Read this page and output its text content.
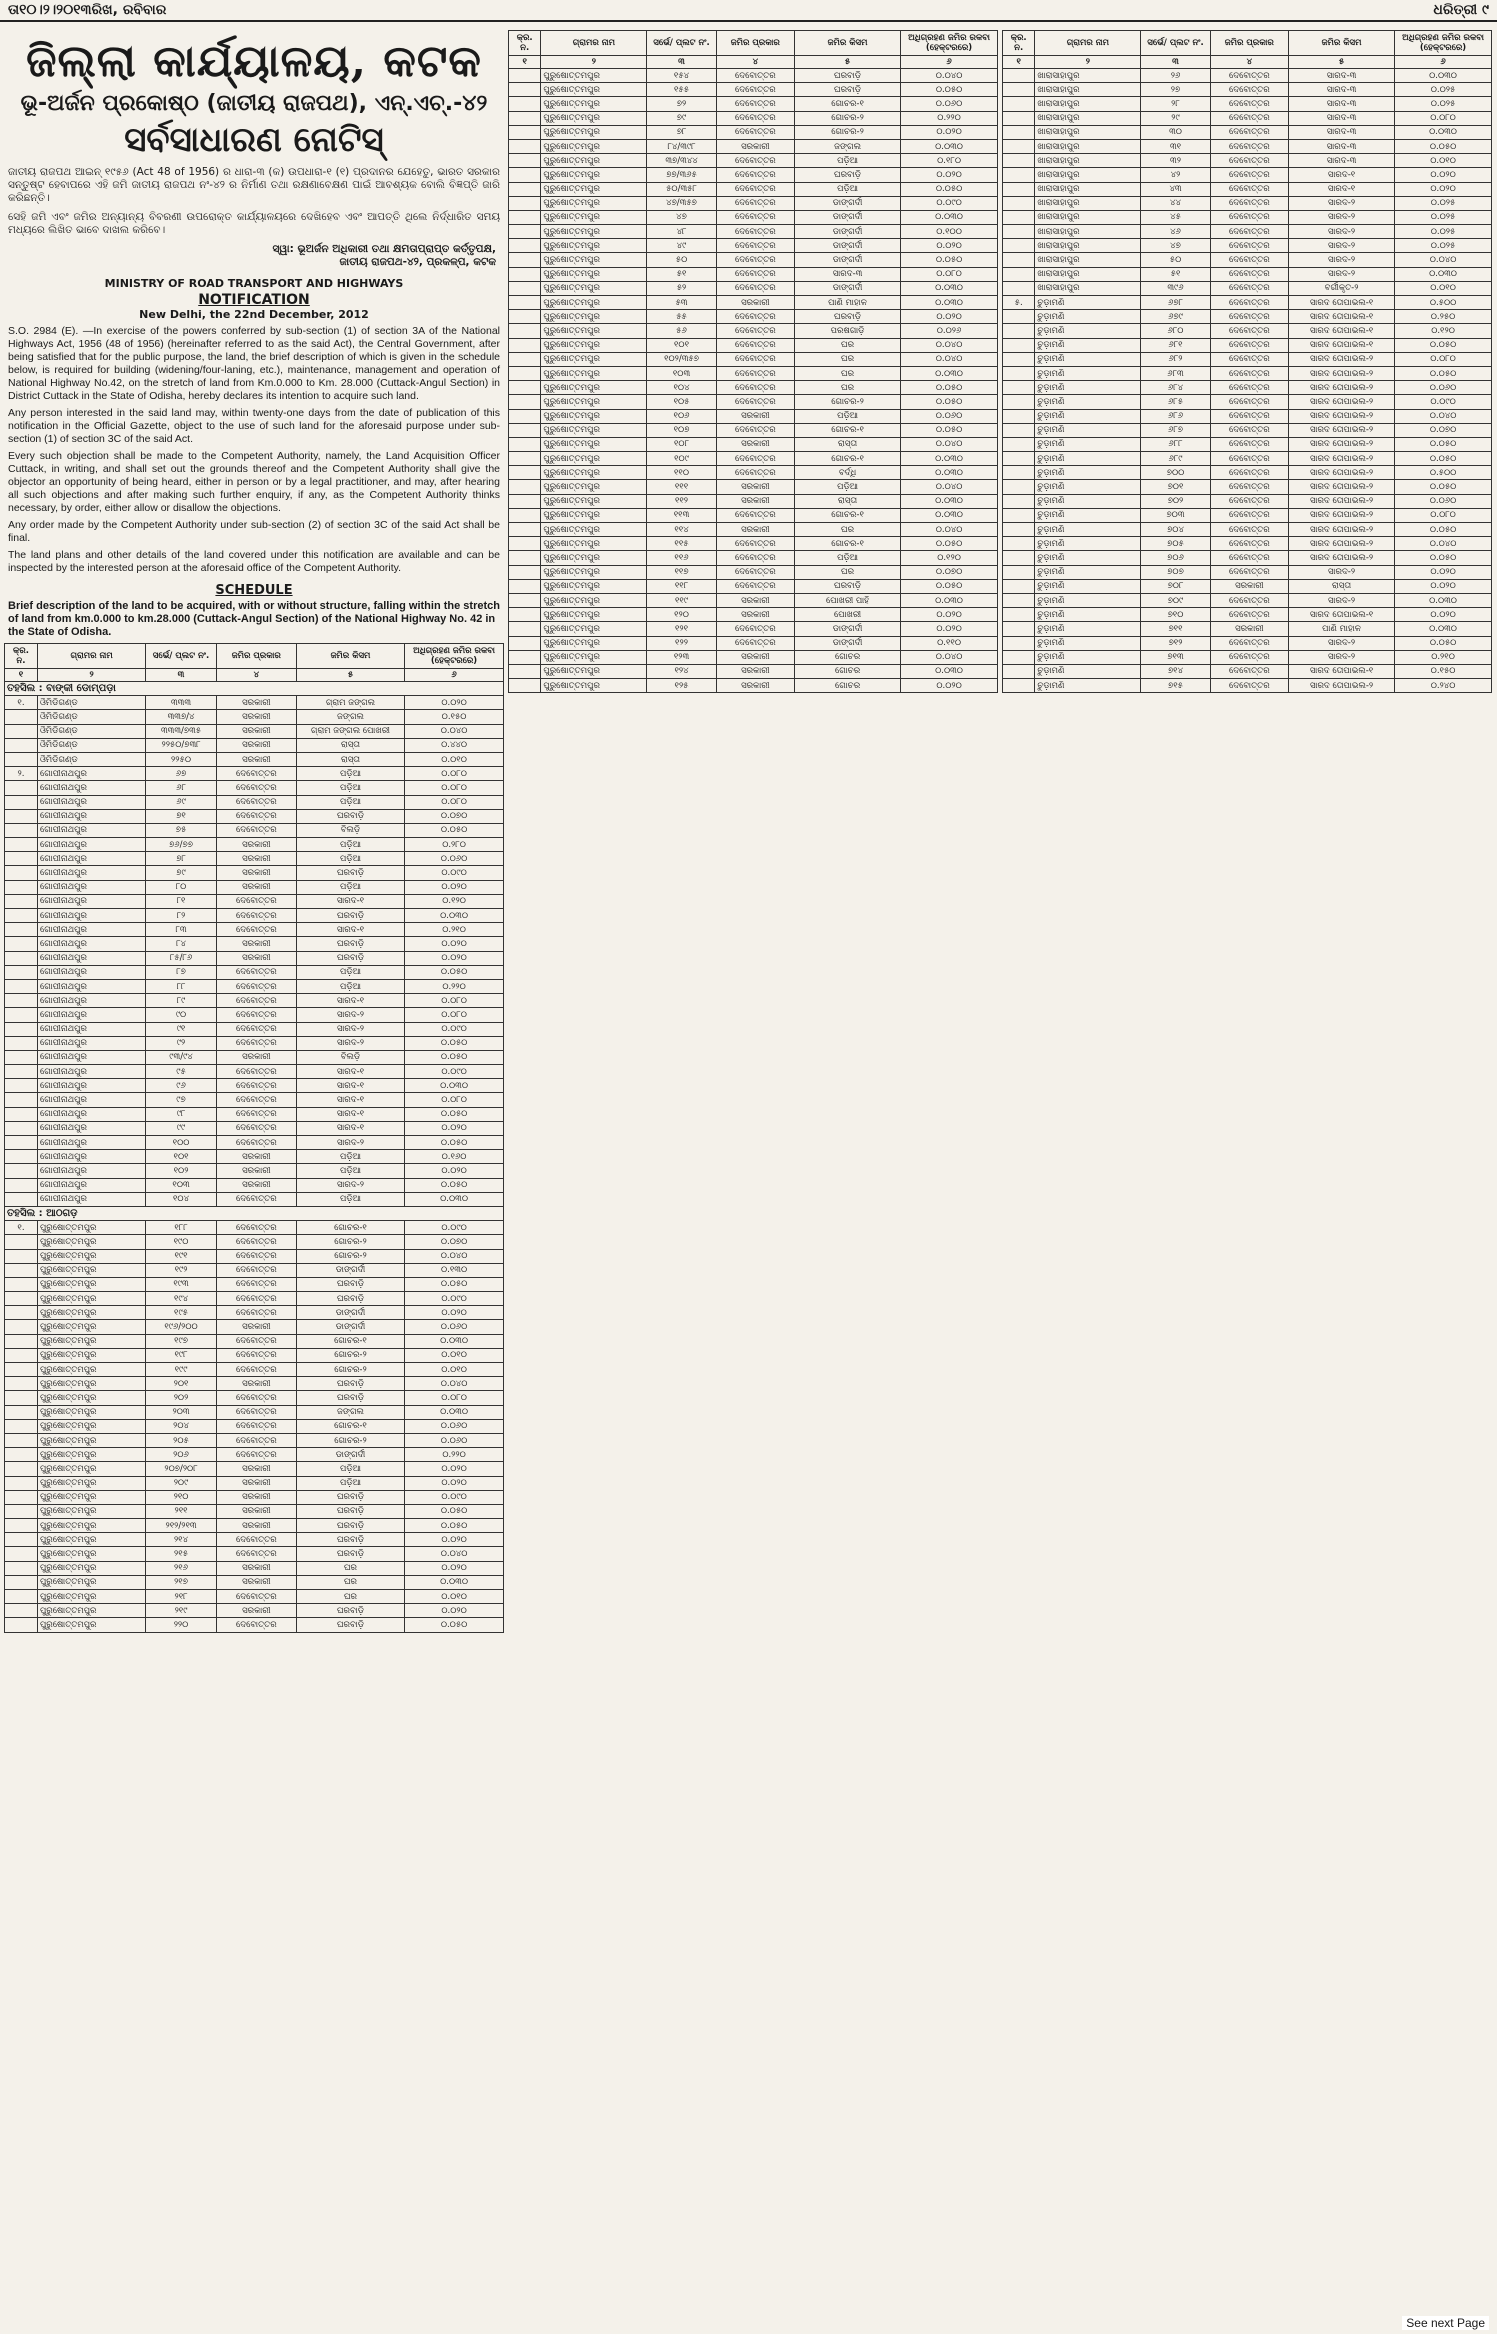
ତା୧୦।୨।୨୦୧୩ରିଖ, ରବିବାର	ଧରିତ୍ରୀ ୯
ଜିଲ୍ଲା କାର୍ଯ୍ୟାଳୟ, କଟକ
ଭୂ-ଅର୍ଜନ ପ୍ରକୋଷ୍ଠ (ଜାତୀୟ ରାଜପଥ), ଏନ୍.ଏଚ୍.-୪୨
ସର୍ବସାଧାରଣ ନୋଟିସ୍
ଜାତୀୟ ରାଜପଥ ଆଇନ୍ ୧୯୫୬ (Act 48 of 1956) ର ଧାରା-୩ (କ) ଉପଧାରା-୧ (୧) ପ୍ରଦାନର ଯେହେତୁ, ଭାରତ ସରକାର ସନ୍ତୁଷ୍ଟ ହେବାପରେ ଏହି ଜମି ଜାତୀୟ ରାଜପଥ ନଂ-୪୨ ର ନିର୍ମାଣ ତଥା ରକ୍ଷଣାବେକ୍ଷଣ ପାଇଁ ଆବଶ୍ୟକ ବୋଲି ବିଜ୍ଞପ୍ତି ଜାରି କରିଛନ୍ତି।
ସେହି ଜମି ଏବଂ ଜମିର ଅନ୍ୟାନ୍ୟ ବିବରଣୀ ଉପରୋକ୍ତ କାର୍ଯ୍ୟାଳୟରେ ଦେଖିହେବ ଏବଂ ଆପତ୍ତି ଥିଲେ ନିର୍ଦ୍ଧାରିତ ସମୟ ମଧ୍ୟରେ ଲିଖିତ ଭାବେ ଦାଖଲ କରିବେ।
ସ୍ୱା: ଭୂଅର୍ଜନ ଅଧିକାରୀ ତଥା କ୍ଷମତାପ୍ରାପ୍ତ କର୍ତ୍ତୃପକ୍ଷ,
ଜାତୀୟ ରାଜପଥ-୪୨, ପ୍ରକଳ୍ପ, କଟକ
MINISTRY OF ROAD TRANSPORT AND HIGHWAYS
NOTIFICATION
New Delhi, the 22nd December, 2012
S.O. 2984 (E). —In exercise of the powers conferred by sub-section (1) of section 3A of the National Highways Act, 1956 (48 of 1956) (hereinafter referred to as the said Act), the Central Government, after being satisfied that for the public purpose, the land, the brief description of which is given in the schedule below, is required for building (widening/four-laning, etc.), maintenance, management and operation of National Highway No.42, on the stretch of land from Km.0.000 to Km. 28.000 (Cuttack-Angul Section) in District Cuttack in the State of Odisha, hereby declares its intention to acquire such land.
Any person interested in the said land may, within twenty-one days from the date of publication of this notification in the Official Gazette, object to the use of such land for the aforesaid purpose under sub-section (1) of section 3C of the said Act.
Every such objection shall be made to the Competent Authority, namely, the Land Acquisition Officer Cuttack, in writing, and shall set out the grounds thereof and the Competent Authority shall give the objector an opportunity of being heard, either in person or by a legal practitioner, and may, after hearing all such objections and after making such further enquiry, if any, as the Competent Authority thinks necessary, by order, either allow or disallow the objections.
Any order made by the Competent Authority under sub-section (2) of section 3C of the said Act shall be final.
The land plans and other details of the land covered under this notification are available and can be inspected by the interested person at the aforesaid office of the Competent Authority.
SCHEDULE
Brief description of the land to be acquired, with or without structure, falling within the stretch of land from km.0.000 to km.28.000 (Cuttack-Angul Section) of the National Highway No. 42 in the State of Odisha.
କ୍ର. ନ.	ଗ୍ରାମର ନାମ	ସର୍ଭେ/ ପ୍ଲଟ ନଂ.	ଜମିର ପ୍ରକାର	ଜମିର କିସମ	ଅଧିଗ୍ରହଣ ଜମିର ରକବା (ହେକ୍ଟରରେ)
୧	୨	୩	୪	୫	୬
ତହସିଲ : ବାଙ୍କୀ ଡୋମ୍ପଡ଼ା					
୧.	ଓିମିଡିଗଣ୍ଡ	୩୩୩	ସରକାରୀ	ଗ୍ରାମ ଜଙ୍ଗଲ	୦.୦୨୦
	ଓିମିଡିଗଣ୍ଡ	୩୩୭/୪	ସରକାରୀ	ଜଙ୍ଗଲ	୦.୧୫୦
	ଓିମିଡିଗଣ୍ଡ	୩୩୩/୭୩୫	ସରକାରୀ	ଗ୍ରାମ ଜଙ୍ଗଲ ପୋଖରୀ	୦.୦୪୦
	ଓିମିଡିଗଣ୍ଡ	୨୨୫୦/୭୩୮	ସରକାରୀ	ରାସ୍ତା	୦.୪୪୦
	ଓିମିଡିଗଣ୍ଡ	୨୨୫୦	ସରକାରୀ	ରାସ୍ତା	୦.୦୧୦
୨.	ଗୋପୀନାଥପୁର	୬୭	ଦେବୋତ୍ତର	ପଡ଼ିଆ	୦.୦୮୦
	ଗୋପୀନାଥପୁର	୬୮	ଦେବୋତ୍ତର	ପଡ଼ିଆ	୦.୦୮୦
	ଗୋପୀନାଥପୁର	୬୯	ଦେବୋତ୍ତର	ପଡ଼ିଆ	୦.୦୮୦
	ଗୋପୀନାଥପୁର	୭୧	ଦେବୋତ୍ତର	ଘରବାଡ଼ି	୦.୦୭୦
	ଗୋପୀନାଥପୁର	୭୫	ଦେବୋତ୍ତର	ବିଲଡ଼ି	୦.୦୫୦
	ଗୋପୀନାଥପୁର	୭୬/୭୭	ସରକାରୀ	ପଡ଼ିଆ	୦.୨୮୦
	ଗୋପୀନାଥପୁର	୭୮	ସରକାରୀ	ପଡ଼ିଆ	୦.୦୬୦
	ଗୋପୀନାଥପୁର	୭୯	ସରକାରୀ	ଘରବାଡ଼ି	୦.୦୯୦
	ଗୋପୀନାଥପୁର	୮୦	ସରକାରୀ	ପଡ଼ିଆ	୦.୦୨୦
	ଗୋପୀନାଥପୁର	୮୧	ଦେବୋତ୍ତର	ସାରଦ-୧	୦.୧୨୦
	ଗୋପୀନାଥପୁର	୮୨	ଦେବୋତ୍ତର	ଘରବାଡ଼ି	୦.୦୩୦
	ଗୋପୀନାଥପୁର	୮୩	ଦେବୋତ୍ତର	ସାରଦ-୧	୦.୨୧୦
	ଗୋପୀନାଥପୁର	୮୪	ସରକାରୀ	ଘରବାଡ଼ି	୦.୦୨୦
	ଗୋପୀନାଥପୁର	୮୫/୮୬	ସରକାରୀ	ଘରବାଡ଼ି	୦.୦୨୦
	ଗୋପୀନାଥପୁର	୮୭	ଦେବୋତ୍ତର	ପଡ଼ିଆ	୦.୦୫୦
	ଗୋପୀନାଥପୁର	୮୮	ଦେବୋତ୍ତର	ପଡ଼ିଆ	୦.୨୨୦
	ଗୋପୀନାଥପୁର	୮୯	ଦେବୋତ୍ତର	ସାରଦ-୧	୦.୦୮୦
	ଗୋପୀନାଥପୁର	୯୦	ଦେବୋତ୍ତର	ସାରଦ-୨	୦.୦୮୦
	ଗୋପୀନାଥପୁର	୯୧	ଦେବୋତ୍ତର	ସାରଦ-୨	୦.୦୯୦
	ଗୋପୀନାଥପୁର	୯୨	ଦେବୋତ୍ତର	ସାରଦ-୨	୦.୦୫୦
	ଗୋପୀନାଥପୁର	୯୩/୯୪	ସରକାରୀ	ବିଲଡ଼ି	୦.୦୫୦
	ଗୋପୀନାଥପୁର	୯୫	ଦେବୋତ୍ତର	ସାରଦ-୧	୦.୦୯୦
	ଗୋପୀନାଥପୁର	୯୬	ଦେବୋତ୍ତର	ସାରଦ-୧	୦.୦୩୦
	ଗୋପୀନାଥପୁର	୯୭	ଦେବୋତ୍ତର	ସାରଦ-୧	୦.୦୮୦
	ଗୋପୀନାଥପୁର	୯୮	ଦେବୋତ୍ତର	ସାରଦ-୧	୦.୦୫୦
	ଗୋପୀନାଥପୁର	୯୯	ଦେବୋତ୍ତର	ସାରଦ-୧	୦.୦୨୦
	ଗୋପୀନାଥପୁର	୧୦୦	ଦେବୋତ୍ତର	ସାରଦ-୨	୦.୦୫୦
	ଗୋପୀନାଥପୁର	୧୦୧	ସରକାରୀ	ପଡ଼ିଆ	୦.୧୬୦
	ଗୋପୀନାଥପୁର	୧୦୨	ସରକାରୀ	ପଡ଼ିଆ	୦.୦୨୦
	ଗୋପୀନାଥପୁର	୧୦୩	ସରକାରୀ	ସାରଦ-୨	୦.୦୫୦
	ଗୋପୀନାଥପୁର	୧୦୪	ଦେବୋତ୍ତର	ପଡ଼ିଆ	୦.୦୩୦
ତହସିଲ : ଆଠଗଡ଼					
୧.	ପୁରୁଷୋତ୍ତମପୁର	୧୮୮	ଦେବୋତ୍ତର	ଗୋଚର-୧	୦.୦୯୦
	ପୁରୁଷୋତ୍ତମପୁର	୧୯୦	ଦେବୋତ୍ତର	ଗୋଚର-୨	୦.୦୭୦
	ପୁରୁଷୋତ୍ତମପୁର	୧୯୧	ଦେବୋତ୍ତର	ଗୋଚର-୨	୦.୦୪୦
	ପୁରୁଷୋତ୍ତମପୁର	୧୯୨	ଦେବୋତ୍ତର	ଡାଙ୍ଗର୍ଦୀ	୦.୧୩୦
	ପୁରୁଷୋତ୍ତମପୁର	୧୯୩	ଦେବୋତ୍ତର	ଘରବାଡ଼ି	୦.୦୫୦
	ପୁରୁଷୋତ୍ତମପୁର	୧୯୪	ଦେବୋତ୍ତର	ଘରବାଡ଼ି	୦.୦୯୦
	ପୁରୁଷୋତ୍ତମପୁର	୧୯୫	ଦେବୋତ୍ତର	ଡାଙ୍ଗର୍ଦୀ	୦.୦୨୦
	ପୁରୁଷୋତ୍ତମପୁର	୧୯୬/୨୦୦	ସରକାରୀ	ଡାଙ୍ଗର୍ଦୀ	୦.୦୬୦
	ପୁରୁଷୋତ୍ତମପୁର	୧୯୭	ଦେବୋତ୍ତର	ଗୋଚର-୧	୦.୦୩୦
	ପୁରୁଷୋତ୍ତମପୁର	୧୯୮	ଦେବୋତ୍ତର	ଗୋଚର-୨	୦.୦୧୦
	ପୁରୁଷୋତ୍ତମପୁର	୧୯୯	ଦେବୋତ୍ତର	ଗୋଚର-୨	୦.୦୧୦
	ପୁରୁଷୋତ୍ତମପୁର	୨୦୧	ସରକାରୀ	ଘରବାଡ଼ି	୦.୦୪୦
	ପୁରୁଷୋତ୍ତମପୁର	୨୦୨	ଦେବୋତ୍ତର	ଘରବାଡ଼ି	୦.୦୮୦
	ପୁରୁଷୋତ୍ତମପୁର	୨୦୩	ଦେବୋତ୍ତର	ଜଙ୍ଗଲ	୦.୦୩୦
	ପୁରୁଷୋତ୍ତମପୁର	୨୦୪	ଦେବୋତ୍ତର	ଗୋଚର-୧	୦.୦୬୦
	ପୁରୁଷୋତ୍ତମପୁର	୨୦୫	ଦେବୋତ୍ତର	ଗୋଚର-୨	୦.୦୬୦
	ପୁରୁଷୋତ୍ତମପୁର	୨୦୬	ଦେବୋତ୍ତର	ଡାଙ୍ଗର୍ଦୀ	୦.୨୨୦
	ପୁରୁଷୋତ୍ତମପୁର	୨୦୭/୨୦୮	ସରକାରୀ	ପଡ଼ିଆ	୦.୦୨୦
	ପୁରୁଷୋତ୍ତମପୁର	୨୦୯	ସରକାରୀ	ପଡ଼ିଆ	୦.୦୨୦
	ପୁରୁଷୋତ୍ତମପୁର	୨୧୦	ସରକାରୀ	ଘରବାଡ଼ି	୦.୦୯୦
	ପୁରୁଷୋତ୍ତମପୁର	୨୧୧	ସରକାରୀ	ଘରବାଡ଼ି	୦.୦୫୦
	ପୁରୁଷୋତ୍ତମପୁର	୨୧୨/୨୧୩	ସରକାରୀ	ଘରବାଡ଼ି	୦.୦୫୦
	ପୁରୁଷୋତ୍ତମପୁର	୨୧୪	ଦେବୋତ୍ତର	ଘରବାଡ଼ି	୦.୦୨୦
	ପୁରୁଷୋତ୍ତମପୁର	୨୧୫	ଦେବୋତ୍ତର	ଘରବାଡ଼ି	୦.୦୪୦
	ପୁରୁଷୋତ୍ତମପୁର	୨୧୬	ସରକାରୀ	ଘର	୦.୦୨୦
	ପୁରୁଷୋତ୍ତମପୁର	୨୧୭	ସରକାରୀ	ଘର	୦.୦୩୦
	ପୁରୁଷୋତ୍ତମପୁର	୨୧୮	ଦେବୋତ୍ତର	ଘର	୦.୦୧୦
	ପୁରୁଷୋତ୍ତମପୁର	୨୧୯	ସରକାରୀ	ଘରବାଡ଼ି	୦.୦୨୦
	ପୁରୁଷୋତ୍ତମପୁର	୨୨୦	ଦେବୋତ୍ତର	ଘରବାଡ଼ି	୦.୦୫୦
କ୍ର. ନ.	ଗ୍ରାମର ନାମ	ସର୍ଭେ/ ପ୍ଲଟ ନଂ.	ଜମିର ପ୍ରକାର	ଜମିର କିସମ	ଅଧିଗ୍ରହଣ ଜମିର ରକବା (ହେକ୍ଟରରେ)
୧	୨	୩	୪	୫	୬
	ପୁରୁଷୋତ୍ତମପୁର	୧୫୪	ଦେବୋତ୍ତର	ଘରବାଡ଼ି	୦.୦୪୦
	ପୁରୁଷୋତ୍ତମପୁର	୧୫୫	ଦେବୋତ୍ତର	ଘରବାଡ଼ି	୦.୦୫୦
	ପୁରୁଷୋତ୍ତମପୁର	୭୨	ଦେବୋତ୍ତର	ଗୋଚର-୧	୦.୦୬୦
	ପୁରୁଷୋତ୍ତମପୁର	୭୯	ଦେବୋତ୍ତର	ଗୋଚର-୨	୦.୨୨୦
	ପୁରୁଷୋତ୍ତମପୁର	୭୮	ଦେବୋତ୍ତର	ଗୋଚର-୨	୦.୦୨୦
	ପୁରୁଷୋତ୍ତମପୁର	୮୪/୩୯୮	ସରକାରୀ	ଜଙ୍ଗଲ	୦.୦୩୦
	ପୁରୁଷୋତ୍ତମପୁର	୩୭/୩୪୪	ଦେବୋତ୍ତର	ପଡ଼ିଆ	୦.୧୮୦
	ପୁରୁଷୋତ୍ତମପୁର	୭୭/୩୬୫	ଦେବୋତ୍ତର	ଘରବାଡ଼ି	୦.୦୨୦
	ପୁରୁଷୋତ୍ତମପୁର	୫୦/୩୫୮	ଦେବୋତ୍ତର	ପଡ଼ିଆ	୦.୦୫୦
	ପୁରୁଷୋତ୍ତମପୁର	୪୭/୩୫୭	ଦେବୋତ୍ତର	ଡାଙ୍ଗର୍ଦୀ	୦.୦୯୦
	ପୁରୁଷୋତ୍ତମପୁର	୪୭	ଦେବୋତ୍ତର	ଡାଙ୍ଗର୍ଦୀ	୦.୦୩୦
	ପୁରୁଷୋତ୍ତମପୁର	୪୮	ଦେବୋତ୍ତର	ଡାଙ୍ଗର୍ଦୀ	୦.୧୦୦
	ପୁରୁଷୋତ୍ତମପୁର	୪୯	ଦେବୋତ୍ତର	ଡାଙ୍ଗର୍ଦୀ	୦.୦୨୦
	ପୁରୁଷୋତ୍ତମପୁର	୫୦	ଦେବୋତ୍ତର	ଡାଙ୍ଗର୍ଦୀ	୦.୦୫୦
	ପୁରୁଷୋତ୍ତମପୁର	୫୧	ଦେବୋତ୍ତର	ସାରଦ-୩	୦.୦୮୦
	ପୁରୁଷୋତ୍ତମପୁର	୫୨	ଦେବୋତ୍ତର	ଡାଙ୍ଗର୍ଦୀ	୦.୦୩୦
	ପୁରୁଷୋତ୍ତମପୁର	୫୩	ସରକାରୀ	ପାଣି ମାହାଳ	୦.୦୩୦
	ପୁରୁଷୋତ୍ତମପୁର	୫୫	ଦେବୋତ୍ତର	ଘରବାଡ଼ି	୦.୦୨୦
	ପୁରୁଷୋତ୍ତମପୁର	୫୬	ଦେବୋତ୍ତର	ପରଷଗାଡ଼ି	୦.୦୨୬
	ପୁରୁଷୋତ୍ତମପୁର	୧୦୧	ଦେବୋତ୍ତର	ଘର	୦.୦୪୦
	ପୁରୁଷୋତ୍ତମପୁର	୧୦୨/୩୫୭	ଦେବୋତ୍ତର	ଘର	୦.୦୪୦
	ପୁରୁଷୋତ୍ତମପୁର	୧୦୩	ଦେବୋତ୍ତର	ଘର	୦.୦୩୦
	ପୁରୁଷୋତ୍ତମପୁର	୧୦୪	ଦେବୋତ୍ତର	ଘର	୦.୦୫୦
	ପୁରୁଷୋତ୍ତମପୁର	୧୦୫	ଦେବୋତ୍ତର	ଗୋଚର-୨	୦.୦୫୦
	ପୁରୁଷୋତ୍ତମପୁର	୧୦୬	ସରକାରୀ	ପଡ଼ିଆ	୦.୦୬୦
	ପୁରୁଷୋତ୍ତମପୁର	୧୦୭	ଦେବୋତ୍ତର	ଗୋଚର-୧	୦.୦୫୦
	ପୁରୁଷୋତ୍ତମପୁର	୧୦୮	ସରକାରୀ	ରାସ୍ତା	୦.୦୪୦
	ପୁରୁଷୋତ୍ତମପୁର	୧୦୯	ଦେବୋତ୍ତର	ଗୋଚର-୧	୦.୦୩୦
	ପୁରୁଷୋତ୍ତମପୁର	୧୧୦	ଦେବୋତ୍ତର	ବର୍ଦ୍ଧି	୦.୦୩୦
	ପୁରୁଷୋତ୍ତମପୁର	୧୧୧	ସରକାରୀ	ପଡ଼ିଆ	୦.୦୪୦
	ପୁରୁଷୋତ୍ତମପୁର	୧୧୨	ସରକାରୀ	ରାସ୍ତା	୦.୦୩୦
	ପୁରୁଷୋତ୍ତମପୁର	୧୧୩	ଦେବୋତ୍ତର	ଗୋଚର-୧	୦.୦୩୦
	ପୁରୁଷୋତ୍ତମପୁର	୧୧୪	ସରକାରୀ	ଘର	୦.୦୪୦
	ପୁରୁଷୋତ୍ତମପୁର	୧୧୫	ଦେବୋତ୍ତର	ଗୋଚର-୧	୦.୦୫୦
	ପୁରୁଷୋତ୍ତମପୁର	୧୧୬	ଦେବୋତ୍ତର	ପଡ଼ିଆ	୦.୧୨୦
	ପୁରୁଷୋତ୍ତମପୁର	୧୧୭	ଦେବୋତ୍ତର	ଘର	୦.୦୭୦
	ପୁରୁଷୋତ୍ତମପୁର	୧୧୮	ଦେବୋତ୍ତର	ଘରବାଡ଼ି	୦.୦୫୦
	ପୁରୁଷୋତ୍ତମପୁର	୧୧୯	ସରକାରୀ	ପୋଖରୀ ପାହି	୦.୦୩୦
	ପୁରୁଷୋତ୍ତମପୁର	୧୨୦	ସରକାରୀ	ପୋଖରୀ	୦.୦୨୦
	ପୁରୁଷୋତ୍ତମପୁର	୧୨୧	ଦେବୋତ୍ତର	ଡାଙ୍ଗର୍ଦୀ	୦.୦୨୦
	ପୁରୁଷୋତ୍ତମପୁର	୧୨୨	ଦେବୋତ୍ତର	ଡାଙ୍ଗର୍ଦୀ	୦.୧୧୦
	ପୁରୁଷୋତ୍ତମପୁର	୧୨୩	ସରକାରୀ	ଗୋଚର	୦.୦୪୦
	ପୁରୁଷୋତ୍ତମପୁର	୧୨୪	ସରକାରୀ	ଗୋଚର	୦.୦୩୦
	ପୁରୁଷୋତ୍ତମପୁର	୧୨୫	ସରକାରୀ	ଗୋଚର	୦.୦୨୦
କ୍ର. ନ.	ଗ୍ରାମର ନାମ	ସର୍ଭେ/ ପ୍ଲଟ ନଂ.	ଜମିର ପ୍ରକାର	ଜମିର କିସମ	ଅଧିଗ୍ରହଣ ଜମିର ରକବା (ହେକ୍ଟରରେ)
୧	୨	୩	୪	୫	୬
	ଖାରାସାହାପୁର	୨୬	ଦେବୋତ୍ତର	ସାରଦ-୩	୦.୦୩୦
	ଖାରାସାହାପୁର	୨୭	ଦେବୋତ୍ତର	ସାରଦ-୩	୦.୦୨୫
	ଖାରାସାହାପୁର	୨୮	ଦେବୋତ୍ତର	ସାରଦ-୩	୦.୦୨୫
	ଖାରାସାହାପୁର	୨୯	ଦେବୋତ୍ତର	ସାରଦ-୩	୦.୦୮୦
	ଖାରାସାହାପୁର	୩୦	ଦେବୋତ୍ତର	ସାରଦ-୩	୦.୦୩୦
	ଖାରାସାହାପୁର	୩୧	ଦେବୋତ୍ତର	ସାରଦ-୩	୦.୦୫୦
	ଖାରାସାହାପୁର	୩୨	ଦେବୋତ୍ତର	ସାରଦ-୩	୦.୦୧୦
	ଖାରାସାହାପୁର	୪୨	ଦେବୋତ୍ତର	ସାରଦ-୧	୦.୦୨୦
	ଖାରାସାହାପୁର	୪୩	ଦେବୋତ୍ତର	ସାରଦ-୧	୦.୦୨୦
	ଖାରାସାହାପୁର	୪୪	ଦେବୋତ୍ତର	ସାରଦ-୨	୦.୦୨୫
	ଖାରାସାହାପୁର	୪୫	ଦେବୋତ୍ତର	ସାରଦ-୨	୦.୦୨୫
	ଖାରାସାହାପୁର	୪୬	ଦେବୋତ୍ତର	ସାରଦ-୨	୦.୦୨୫
	ଖାରାସାହାପୁର	୪୭	ଦେବୋତ୍ତର	ସାରଦ-୨	୦.୦୨୫
	ଖାରାସାହାପୁର	୫୦	ଦେବୋତ୍ତର	ସାରଦ-୨	୦.୦୪୦
	ଖାରାସାହାପୁର	୫୧	ଦେବୋତ୍ତର	ସାରଦ-୨	୦.୦୩୦
	ଖାରାସାହାପୁର	୩୯୬	ଦେବୋତ୍ତର	ବର୍ଗୀକୃତ-୨	୦.୦୧୦
୫.	ଚୁଡ଼ାମଣି	୬୭୮	ଦେବୋତ୍ତର	ସାରଦ ତୋପାଭଲ-୧	୦.୫୦୦
	ଚୁଡ଼ାମଣି	୬୭୯	ଦେବୋତ୍ତର	ସାରଦ ତୋପାଭଲ-୧	୦.୨୫୦
	ଚୁଡ଼ାମଣି	୬୮୦	ଦେବୋତ୍ତର	ସାରଦ ତୋପାଭଲ-୧	୦.୧୨୦
	ଚୁଡ଼ାମଣି	୬୮୧	ଦେବୋତ୍ତର	ସାରଦ ତୋପାଭଲ-୧	୦.୦୫୦
	ଚୁଡ଼ାମଣି	୬୮୨	ଦେବୋତ୍ତର	ସାରଦ ତୋପାଭଲ-୨	୦.୦୮୦
	ଚୁଡ଼ାମଣି	୬୮୩	ଦେବୋତ୍ତର	ସାରଦ ତୋପାଭଲ-୨	୦.୦୫୦
	ଚୁଡ଼ାମଣି	୬୮୪	ଦେବୋତ୍ତର	ସାରଦ ତୋପାଭଲ-୨	୦.୦୬୦
	ଚୁଡ଼ାମଣି	୬୮୫	ଦେବୋତ୍ତର	ସାରଦ ତୋପାଭଲ-୨	୦.୦୯୦
	ଚୁଡ଼ାମଣି	୬୮୬	ଦେବୋତ୍ତର	ସାରଦ ତୋପାଭଲ-୨	୦.୦୪୦
	ଚୁଡ଼ାମଣି	୬୮୭	ଦେବୋତ୍ତର	ସାରଦ ତୋପାଭଲ-୨	୦.୦୭୦
	ଚୁଡ଼ାମଣି	୬୮୮	ଦେବୋତ୍ତର	ସାରଦ ତୋପାଭଲ-୨	୦.୦୫୦
	ଚୁଡ଼ାମଣି	୬୮୯	ଦେବୋତ୍ତର	ସାରଦ ତୋପାଭଲ-୨	୦.୦୫୦
	ଚୁଡ଼ାମଣି	୭୦୦	ଦେବୋତ୍ତର	ସାରଦ ତୋପାଭଲ-୨	୦.୫୦୦
	ଚୁଡ଼ାମଣି	୭୦୧	ଦେବୋତ୍ତର	ସାରଦ ତୋପାଭଲ-୨	୦.୦୫୦
	ଚୁଡ଼ାମଣି	୭୦୨	ଦେବୋତ୍ତର	ସାରଦ ତୋପାଭଲ-୨	୦.୦୬୦
	ଚୁଡ଼ାମଣି	୭୦୩	ଦେବୋତ୍ତର	ସାରଦ ତୋପାଭଲ-୨	୦.୦୮୦
	ଚୁଡ଼ାମଣି	୭୦୪	ଦେବୋତ୍ତର	ସାରଦ ତୋପାଭଲ-୨	୦.୦୫୦
	ଚୁଡ଼ାମଣି	୭୦୫	ଦେବୋତ୍ତର	ସାରଦ ତୋପାଭଲ-୨	୦.୦୪୦
	ଚୁଡ଼ାମଣି	୭୦୬	ଦେବୋତ୍ତର	ସାରଦ ତୋପାଭଲ-୨	୦.୦୫୦
	ଚୁଡ଼ାମଣି	୭୦୭	ଦେବୋତ୍ତର	ସାରଦ-୨	୦.୦୨୦
	ଚୁଡ଼ାମଣି	୭୦୮	ସରକାରୀ	ରାସ୍ତା	୦.୦୨୦
	ଚୁଡ଼ାମଣି	୭୦୯	ଦେବୋତ୍ତର	ସାରଦ-୨	୦.୦୩୦
	ଚୁଡ଼ାମଣି	୭୧୦	ଦେବୋତ୍ତର	ସାରଦ ତୋପାଭଲ-୧	୦.୦୨୦
	ଚୁଡ଼ାମଣି	୭୧୧	ସରକାରୀ	ପାଣି ମାହାଳ	୦.୦୩୦
	ଚୁଡ଼ାମଣି	୭୧୨	ଦେବୋତ୍ତର	ସାରଦ-୨	୦.୦୫୦
	ଚୁଡ଼ାମଣି	୭୧୩	ଦେବୋତ୍ତର	ସାରଦ-୨	୦.୨୧୦
	ଚୁଡ଼ାମଣି	୭୧୪	ଦେବୋତ୍ତର	ସାରଦ ତୋପାଭଲ-୧	୦.୧୫୦
	ଚୁଡ଼ାମଣି	୭୧୫	ଦେବୋତ୍ତର	ସାରଦ ତୋପାଭଲ-୨	୦.୨୪୦
See next Page
